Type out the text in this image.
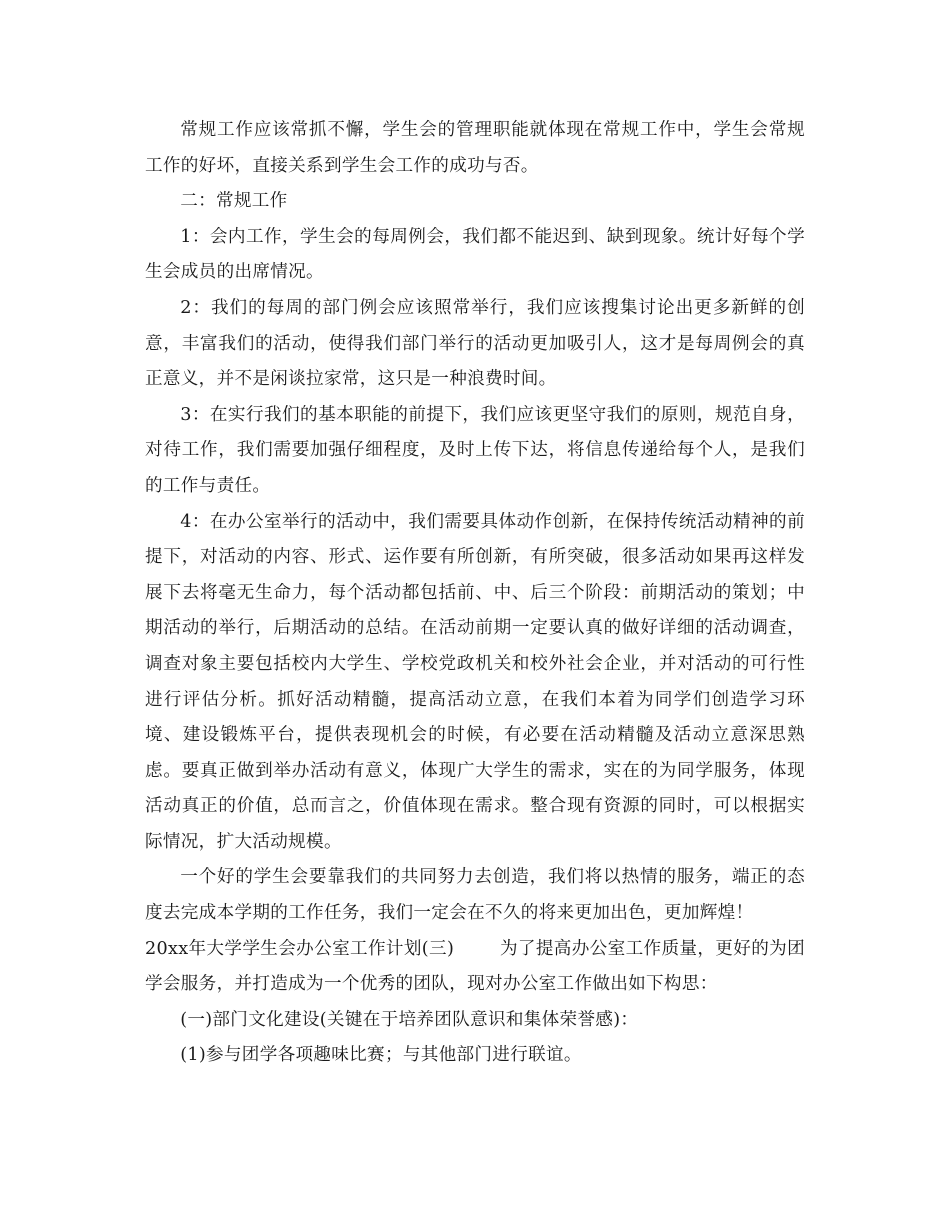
常规工作应该常抓不懈，学生会的管理职能就体现在常规工作中，学生会常规工作的好坏，直接关系到学生会工作的成功与否。

二：常规工作

1：会内工作，学生会的每周例会，我们都不能迟到、缺到现象。统计好每个学生会成员的出席情况。

2：我们的每周的部门例会应该照常举行，我们应该搜集讨论出更多新鲜的创意，丰富我们的活动，使得我们部门举行的活动更加吸引人，这才是每周例会的真正意义，并不是闲谈拉家常，这只是一种浪费时间。

3：在实行我们的基本职能的前提下，我们应该更坚守我们的原则，规范自身，对待工作，我们需要加强仔细程度，及时上传下达，将信息传递给每个人，是我们的工作与责任。

4：在办公室举行的活动中，我们需要具体动作创新，在保持传统活动精神的前提下，对活动的内容、形式、运作要有所创新，有所突破，很多活动如果再这样发展下去将毫无生命力，每个活动都包括前、中、后三个阶段：前期活动的策划；中期活动的举行，后期活动的总结。在活动前期一定要认真的做好详细的活动调查，调查对象主要包括校内大学生、学校党政机关和校外社会企业，并对活动的可行性进行评估分析。抓好活动精髓，提高活动立意，在我们本着为同学们创造学习环境、建设锻炼平台，提供表现机会的时候，有必要在活动精髓及活动立意深思熟虑。要真正做到举办活动有意义，体现广大学生的需求，实在的为同学服务，体现活动真正的价值，总而言之，价值体现在需求。整合现有资源的同时，可以根据实际情况，扩大活动规模。

一个好的学生会要靠我们的共同努力去创造，我们将以热情的服务，端正的态度去完成本学期的工作任务，我们一定会在不久的将来更加出色，更加辉煌！

20xx年大学学生会办公室工作计划(三)	为了提高办公室工作质量，更好的为团学会服务，并打造成为一个优秀的团队，现对办公室工作做出如下构思：

(一)部门文化建设(关键在于培养团队意识和集体荣誉感)：

(1)参与团学各项趣味比赛；与其他部门进行联谊。
